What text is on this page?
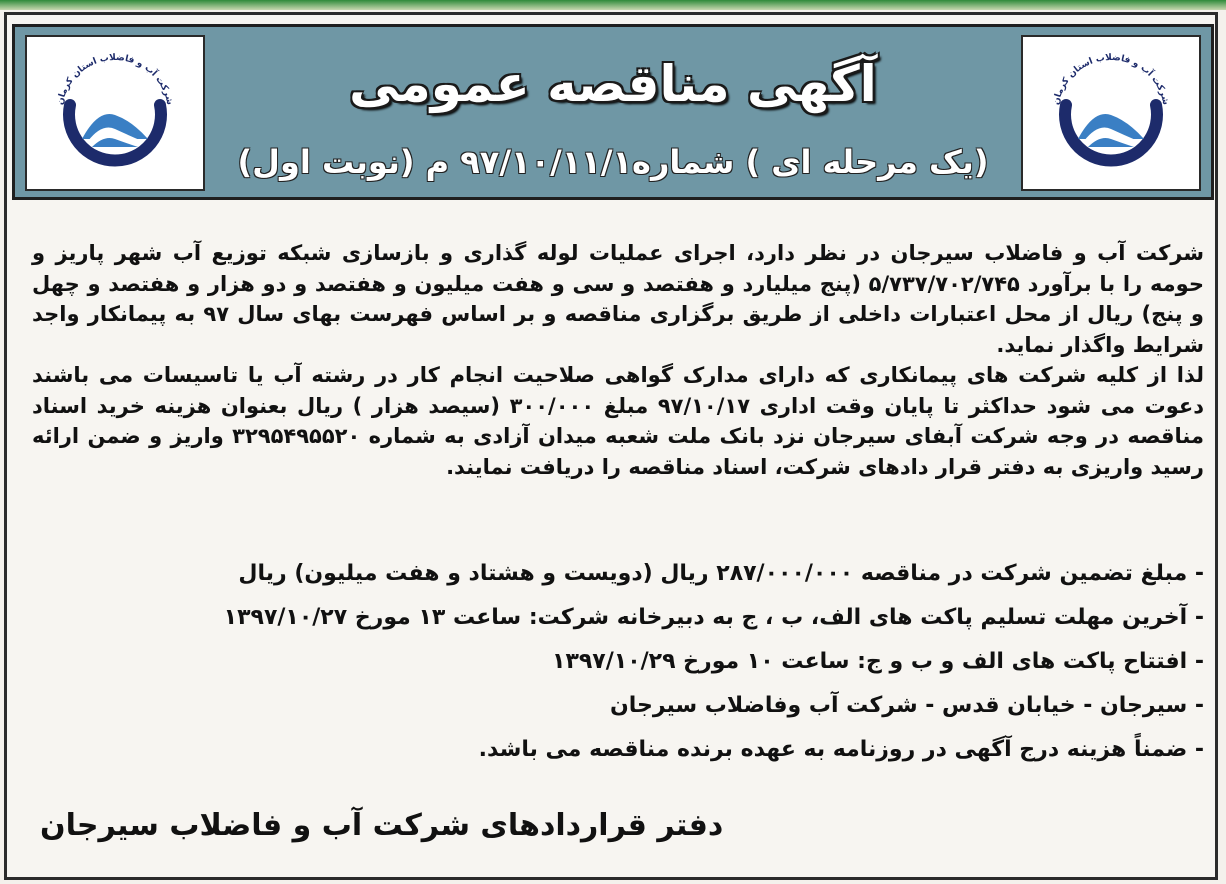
شرکت آب و فاضلاب استان کرمان	آگهی مناقصه عمومی
(یک مرحله ای ) شماره۹۷/۱۰/۱۱/۱ م (نوبت اول)
شرکت آب و فاضلاب استان کرمان

شرکت آب و فاضلاب سیرجان در نظر دارد، اجرای عملیات لوله گذاری و بازسازی شبکه توزیع آب شهر پاریز و حومه را با برآورد ۵/۷۳۷/۷۰۲/۷۴۵ (پنج میلیارد و هفتصد و سی و هفت میلیون و هفتصد و دو هزار و هفتصد و چهل و پنج) ریال از محل اعتبارات داخلی از طریق برگزاری مناقصه و بر اساس فهرست بهای سال ۹۷ به پیمانکار واجد شرایط واگذار نماید.

لذا از کلیه شرکت های پیمانکاری که دارای مدارک گواهی صلاحیت انجام کار در رشته آب یا تاسیسات می باشند دعوت می شود حداکثر تا پایان وقت اداری ۹۷/۱۰/۱۷ مبلغ ۳۰۰/۰۰۰ (سیصد هزار ) ریال بعنوان هزینه خرید اسناد مناقصه در وجه شرکت آبفای سیرجان نزد بانک ملت شعبه میدان آزادی به شماره ۳۲۹۵۴۹۵۵۲۰ واریز و ضمن ارائه رسید واریزی به دفتر قرار دادهای شرکت، اسناد مناقصه را دریافت نمایند.

- مبلغ تضمین شرکت در مناقصه ۲۸۷/۰۰۰/۰۰۰ ریال (دویست و هشتاد و هفت میلیون) ریال
- آخرین مهلت تسلیم پاکت های الف، ب ، ج به دبیرخانه شرکت: ساعت ۱۳ مورخ ۱۳۹۷/۱۰/۲۷
- افتتاح پاکت های الف و ب و ج: ساعت ۱۰ مورخ ۱۳۹۷/۱۰/۲۹
- سیرجان - خیابان قدس - شرکت آب وفاضلاب سیرجان
- ضمناً هزینه درج آگهی در روزنامه به عهده برنده مناقصه می باشد.
دفتر قراردادهای شرکت آب و فاضلاب سیرجان
